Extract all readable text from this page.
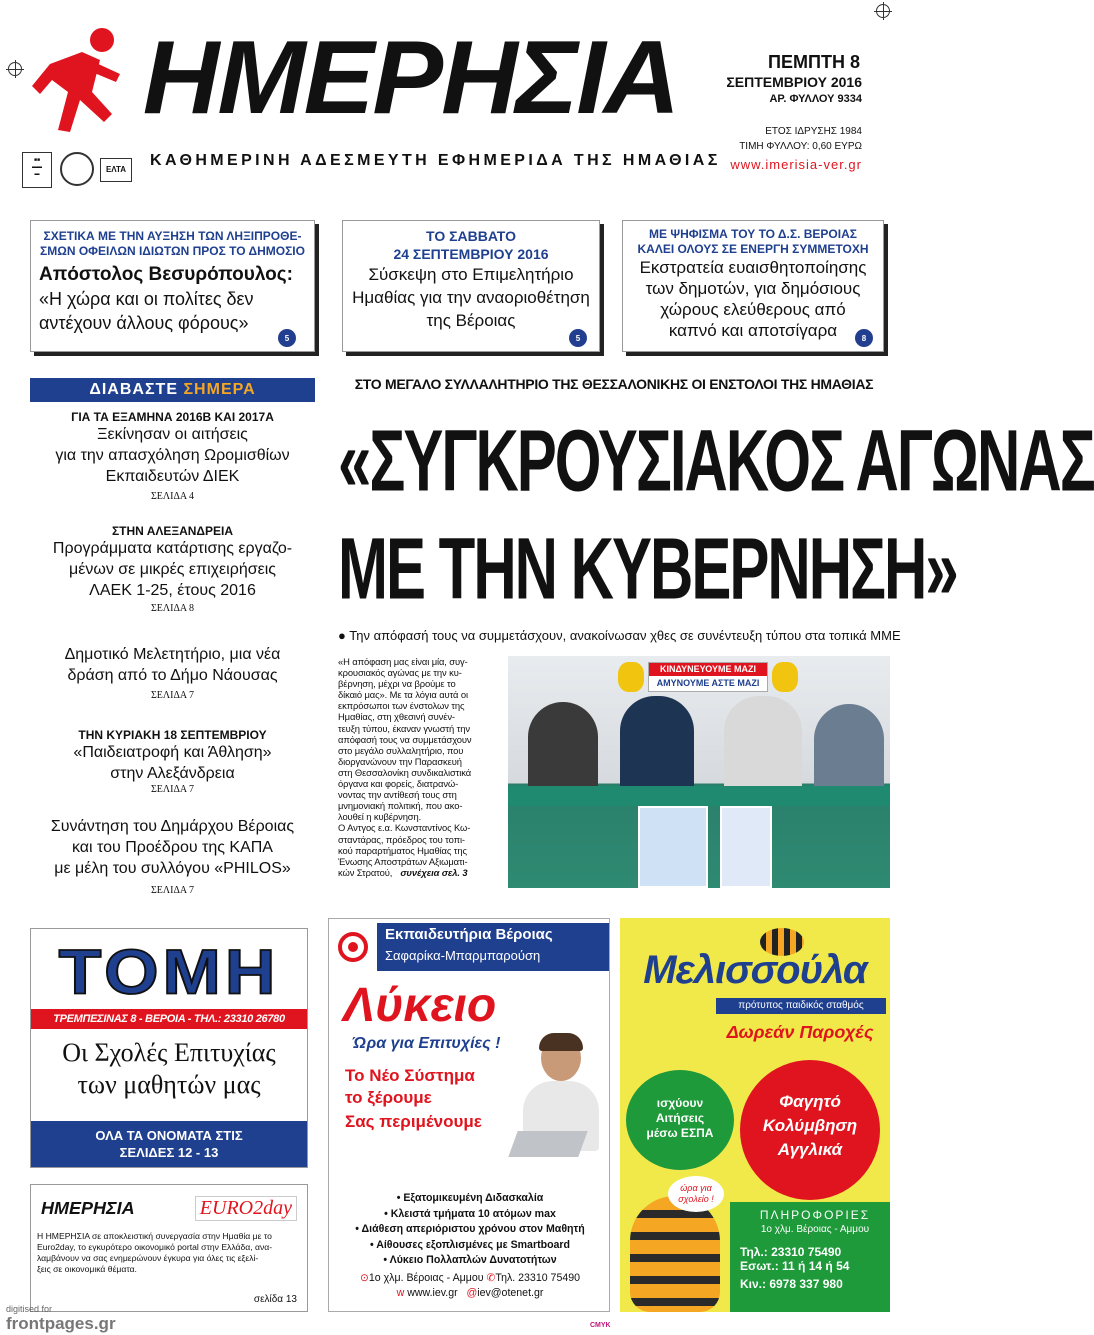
ΗΜΕΡΗΣΙΑ
ΚΑΘΗΜΕΡΙΝΗ ΑΔΕΣΜΕΥΤΗ ΕΦΗΜΕΡΙΔΑ ΤΗΣ ΗΜΑΘΙΑΣ
■■
▬▬
▬	ΕΛΤΑ
ΠΕΜΠΤΗ 8
ΣΕΠΤΕΜΒΡΙΟΥ 2016
ΑΡ. ΦΥΛΛΟΥ 9334
ΕΤΟΣ ΙΔΡΥΣΗΣ 1984
ΤΙΜΗ ΦΥΛΛΟΥ: 0,60 ΕΥΡΩ
www.imerisia-ver.gr
ΣΧΕΤΙΚΑ ΜΕ ΤΗΝ ΑΥΞΗΣΗ ΤΩΝ ΛΗΞΙΠΡΟΘΕ-
ΣΜΩΝ ΟΦΕΙΛΩΝ ΙΔΙΩΤΩΝ ΠΡΟΣ ΤΟ ΔΗΜΟΣΙΟ
Απόστολος Βεσυρόπουλος:
«Η χώρα και οι πολίτες δεν
αντέχουν άλλους φόρους»
5
ΤΟ ΣΑΒΒΑΤΟ
24 ΣΕΠΤΕΜΒΡΙΟΥ 2016
Σύσκεψη στο Επιμελητήριο
Ημαθίας για την αναοριοθέτηση
της Βέροιας
5
ΜΕ ΨΗΦΙΣΜΑ ΤΟΥ ΤΟ Δ.Σ. ΒΕΡΟΙΑΣ
ΚΑΛΕΙ ΟΛΟΥΣ ΣΕ ΕΝΕΡΓΗ ΣΥΜΜΕΤΟΧΗ
Εκστρατεία ευαισθητοποίησης
των δημοτών, για δημόσιους
χώρους ελεύθερους από
καπνό και αποτσίγαρα	8
ΔΙΑΒΑΣΤΕ ΣΗΜΕΡΑ
ΓΙΑ ΤΑ ΕΞΑΜΗΝΑ 2016Β ΚΑΙ 2017Α
Ξεκίνησαν οι αιτήσεις
για την απασχόληση Ωρομισθίων
Εκπαιδευτών ΔΙΕΚ
ΣΕΛΙΔΑ 4
ΣΤΗΝ ΑΛΕΞΑΝΔΡΕΙΑ
Προγράμματα κατάρτισης εργαζο-
μένων σε μικρές επιχειρήσεις
ΛΑΕΚ 1-25, έτους 2016
ΣΕΛΙΔΑ 8
Δημοτικό Μελετητήριο, μια νέα
δράση από το Δήμο Νάουσας
ΣΕΛΙΔΑ 7
ΤΗΝ ΚΥΡΙΑΚΗ 18 ΣΕΠΤΕΜΒΡΙΟΥ
«Παιδειατροφή και Άθληση»
στην Αλεξάνδρεια
ΣΕΛΙΔΑ 7
Συνάντηση του Δημάρχου Βέροιας
και του Προέδρου της ΚΑΠΑ
με μέλη του συλλόγου «PHILOS»
ΣΕΛΙΔΑ 7
ΣΤΟ ΜΕΓΑΛΟ ΣΥΛΛΑΛΗΤΗΡΙΟ ΤΗΣ ΘΕΣΣΑΛΟΝΙΚΗΣ ΟΙ ΕΝΣΤΟΛΟΙ ΤΗΣ ΗΜΑΘΙΑΣ
«ΣΥΓΚΡΟΥΣΙΑΚΟΣ ΑΓΩΝΑΣ
ΜΕ ΤΗΝ ΚΥΒΕΡΝΗΣΗ»
● Την απόφασή τους να συμμετάσχουν, ανακοίνωσαν χθες σε συνέντευξη τύπου στα τοπικά ΜΜΕ
«Η απόφαση μας είναι μία, συγ-
κρουσιακός αγώνας με την κυ-
βέρνηση, μέχρι να βρούμε το
δίκαιό μας». Με τα λόγια αυτά οι
εκπρόσωποι των ένστολων της
Ημαθίας, στη χθεσινή συνέν-
τευξη τύπου, έκαναν γνωστή την
απόφασή τους να συμμετάσχουν
στο μεγάλο συλλαλητήριο, που
διοργανώνουν την Παρασκευή
στη Θεσσαλονίκη συνδικαλιστικά
όργανα και φορείς, διατρανώ-
νοντας την αντίθεσή τους στη
μνημονιακή πολιτική, που ακο-
λουθεί η κυβέρνηση.
Ο Αντγος ε.α. Κωνσταντίνος Κω-
σταντάρας, πρόεδρος του τοπι-
κού παραρτήματος Ημαθίας της
Ένωσης Αποστράτων Αξιωματι-
κών Στρατού, συνέχεια σελ. 3
ΚΙΝΔΥΝΕΥΟΥΜΕ ΜΑΖΙ
ΑΜΥΝΟΥΜΕ ΑΣΤΕ ΜΑΖΙ
ΤΟΜΗ
ΤΡΕΜΠΕΣΙΝΑΣ 8 - ΒΕΡΟΙΑ - ΤΗΛ.: 23310 26780
Οι Σχολές Επιτυχίας
των μαθητών μας
ΟΛΑ ΤΑ ΟΝΟΜΑΤΑ ΣΤΙΣ
ΣΕΛΙΔΕΣ 12 - 13
ΗΜΕΡΗΣΙΑ	EURO2day
Η ΗΜΕΡΗΣΙΑ σε αποκλειστική συνεργασία στην Ημαθία με το
Euro2day, το εγκυρότερο οικονομικό portal στην Ελλάδα, ανα-
λαμβάνουν να σας ενημερώνουν έγκυρα για όλες τις εξελί-
ξεις σε οικονομικά θέματα.
σελίδα 13
Εκπαιδευτήρια Βέροιας
Σαφαρίκα-Μπαρμπαρούση
Λύκειο
Ώρα για Επιτυχίες !
Το Νέο Σύστημα
το ξέρουμε
Σας περιμένουμε
• Εξατομικευμένη Διδασκαλία
• Κλειστά τμήματα 10 ατόμων max
• Διάθεση απεριόριστου χρόνου στον Μαθητή
• Αίθουσες εξοπλισμένες με Smartboard
• Λύκειο Πολλαπλών Δυνατοτήτων
⊙1ο χλμ. Βέροιας - Αμμου ✆Τηλ. 23310 75490
w www.iev.gr @iev@otenet.gr
Μελισσούλα
πρότυπος παιδικός σταθμός
Δωρεάν Παροχές
ισχύουν
Αιτήσεις
μέσω ΕΣΠΑ
Φαγητό
Κολύμβηση
Αγγλικά
ώρα για
σχολείο !
ΠΛΗΡΟΦΟΡΙΕΣ
1ο χλμ. Βέροιας - Αμμου
Τηλ.: 23310 75490
Εσωτ.: 11 ή 14 ή 54
Κιν.: 6978 337 980
digitised for
frontpages.gr	CMYK
